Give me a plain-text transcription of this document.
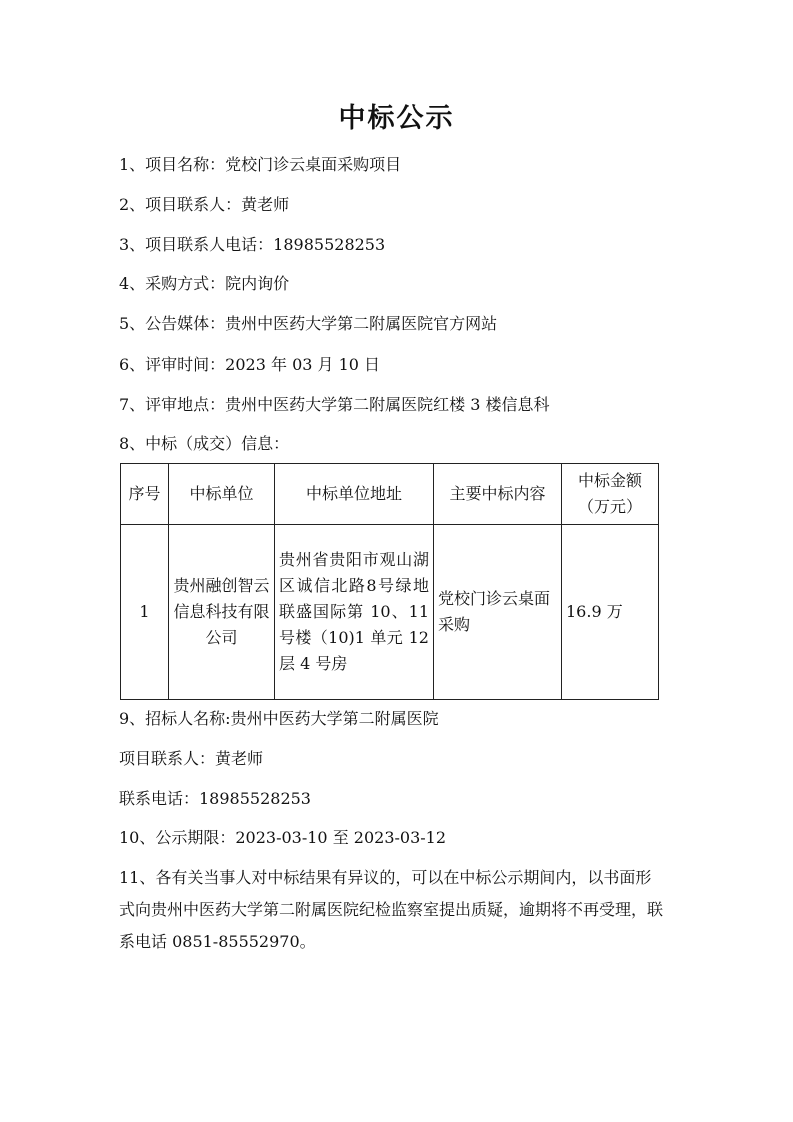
中标公示
1、项目名称：党校门诊云桌面采购项目
2、项目联系人：黄老师
3、项目联系人电话：18985528253
4、采购方式：院内询价
5、公告媒体：贵州中医药大学第二附属医院官方网站
6、评审时间：2023 年 03 月 10 日
7、评审地点：贵州中医药大学第二附属医院红楼 3 楼信息科
8、中标（成交）信息：
序号	中标单位	中标单位地址	主要中标内容	中标金额（万元）
1	贵州融创智云信息科技有限公司	贵州省贵阳市观山湖区诚信北路8号绿地联盛国际第 10、11 号楼（10)1 单元 12 层 4 号房	党校门诊云桌面采购	16.9 万
9、招标人名称:贵州中医药大学第二附属医院
项目联系人：黄老师
联系电话：18985528253
10、公示期限：2023-03-10 至 2023-03-12
11、各有关当事人对中标结果有异议的，可以在中标公示期间内，以书面形式向贵州中医药大学第二附属医院纪检监察室提出质疑，逾期将不再受理，联系电话 0851-85552970。
